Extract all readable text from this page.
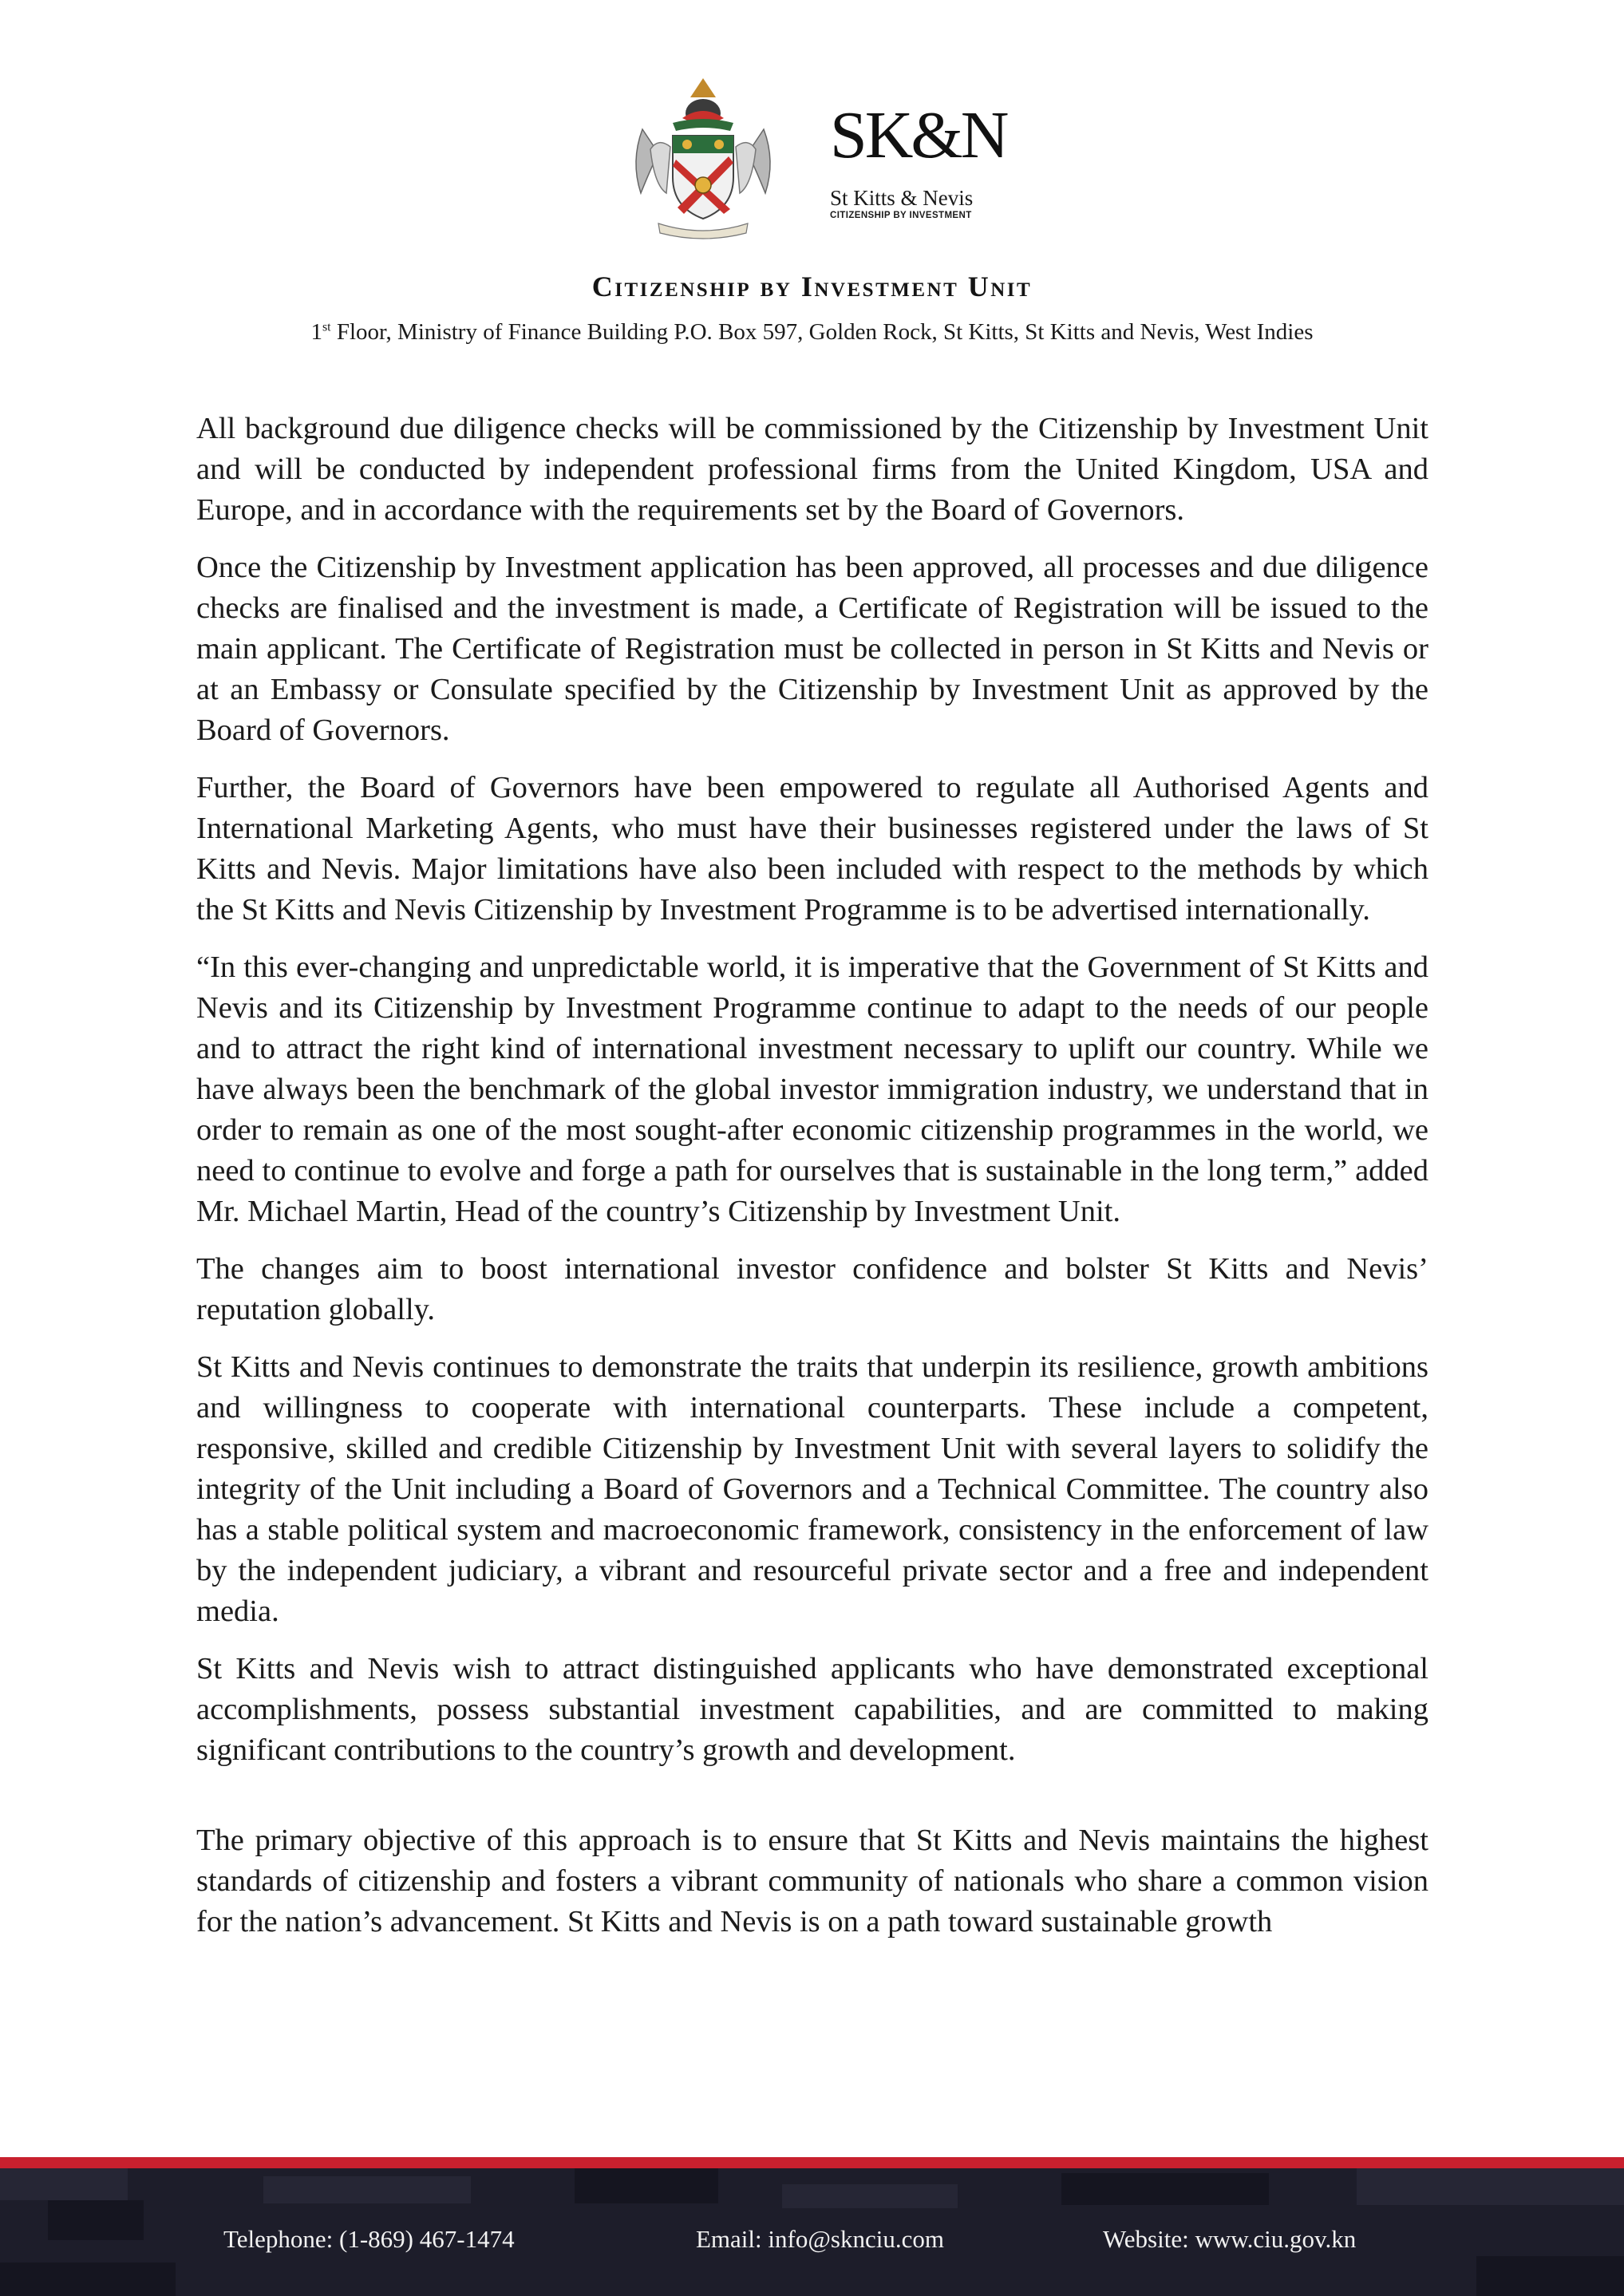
SK&N
St Kitts & Nevis
CITIZENSHIP BY INVESTMENT
Citizenship by Investment Unit
1st Floor, Ministry of Finance Building P.O. Box 597, Golden Rock, St Kitts, St Kitts and Nevis, West Indies

All background due diligence checks will be commissioned by the Citizenship by Investment Unit and will be conducted by independent professional firms from the United Kingdom, USA and Europe, and in accordance with the requirements set by the Board of Governors.

Once the Citizenship by Investment application has been approved, all processes and due diligence checks are finalised and the investment is made, a Certificate of Registration will be issued to the main applicant. The Certificate of Registration must be collected in person in St Kitts and Nevis or at an Embassy or Consulate specified by the Citizenship by Investment Unit as approved by the Board of Governors.

Further, the Board of Governors have been empowered to regulate all Authorised Agents and International Marketing Agents, who must have their businesses registered under the laws of St Kitts and Nevis. Major limitations have also been included with respect to the methods by which the St Kitts and Nevis Citizenship by Investment Programme is to be advertised internationally.

“In this ever-changing and unpredictable world, it is imperative that the Government of St Kitts and Nevis and its Citizenship by Investment Programme continue to adapt to the needs of our people and to attract the right kind of international investment necessary to uplift our country. While we have always been the benchmark of the global investor immigration industry, we understand that in order to remain as one of the most sought-after economic citizenship programmes in the world, we need to continue to evolve and forge a path for ourselves that is sustainable in the long term,” added Mr. Michael Martin, Head of the country’s Citizenship by Investment Unit.

The changes aim to boost international investor confidence and bolster St Kitts and Nevis’ reputation globally.

St Kitts and Nevis continues to demonstrate the traits that underpin its resilience, growth ambitions and willingness to cooperate with international counterparts. These include a competent, responsive, skilled and credible Citizenship by Investment Unit with several layers to solidify the integrity of the Unit including a Board of Governors and a Technical Committee. The country also has a stable political system and macroeconomic framework, consistency in the enforcement of law by the independent judiciary, a vibrant and resourceful private sector and a free and independent media.

St Kitts and Nevis wish to attract distinguished applicants who have demonstrated exceptional accomplishments, possess substantial investment capabilities, and are committed to making significant contributions to the country’s growth and development.

The primary objective of this approach is to ensure that St Kitts and Nevis maintains the highest standards of citizenship and fosters a vibrant community of nationals who share a common vision for the nation’s advancement. St Kitts and Nevis is on a path toward sustainable growth

Telephone: (1-869) 467-1474	Email: info@sknciu.com	Website: www.ciu.gov.kn
